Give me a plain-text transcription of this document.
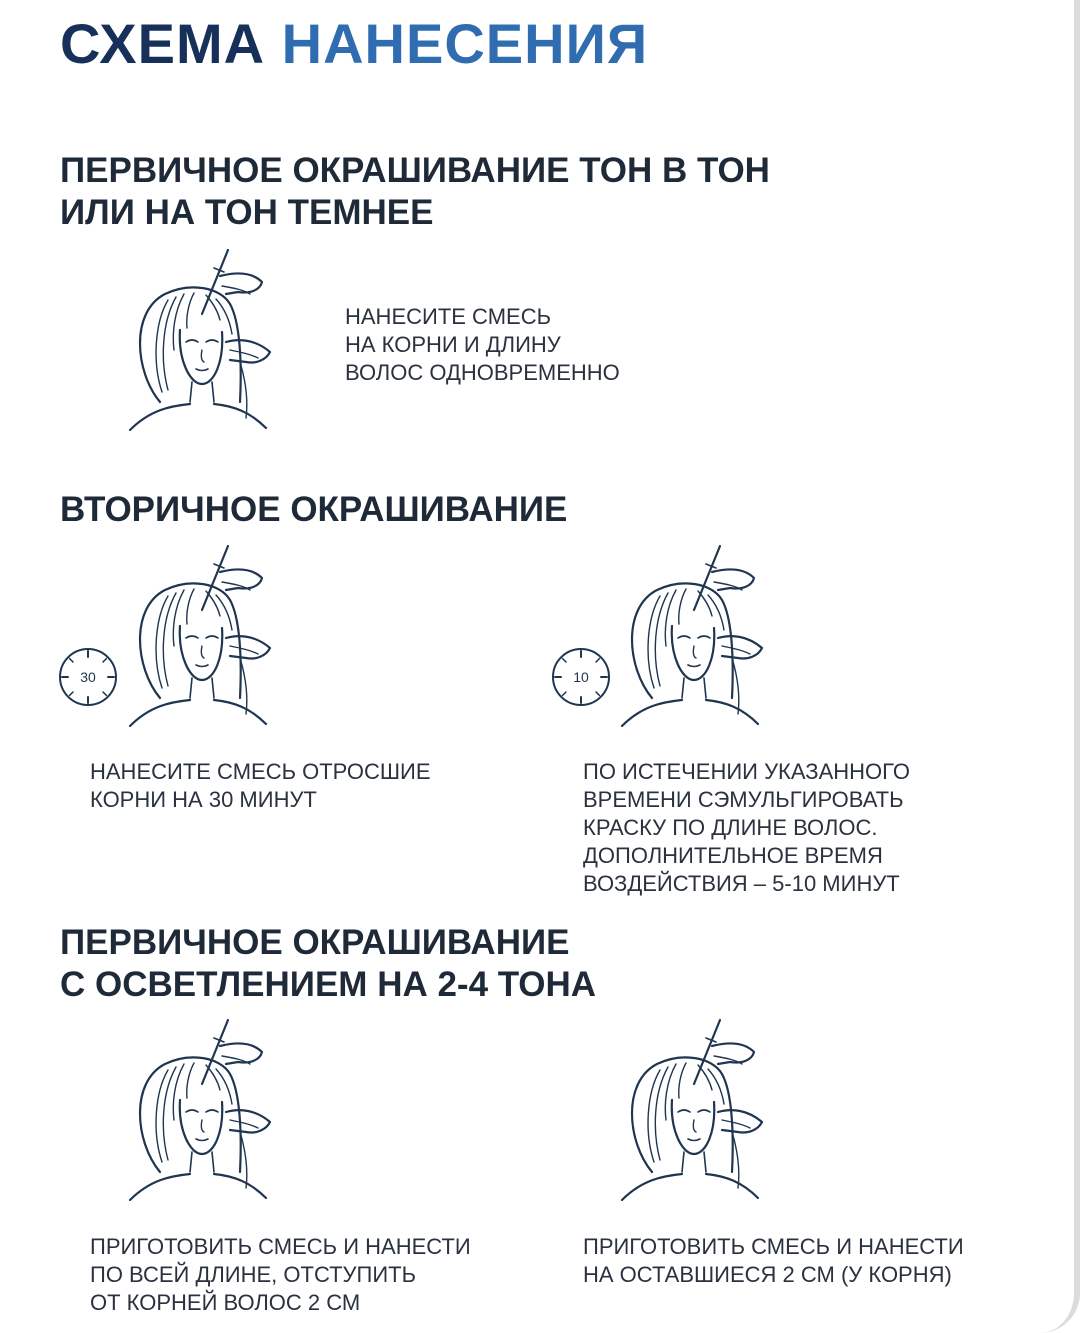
СХЕМА НАНЕСЕНИЯ
ПЕРВИЧНОЕ ОКРАШИВАНИЕ ТОН В ТОН
ИЛИ НА ТОН ТЕМНЕЕ

НАНЕСИТЕ СМЕСЬ

НА КОРНИ И ДЛИНУ

ВОЛОС ОДНОВРЕМЕННО

ВТОРИЧНОЕ ОКРАШИВАНИЕ
30	10

НАНЕСИТЕ СМЕСЬ ОТРОСШИЕ

КОРНИ НА 30 МИНУТ

ПО ИСТЕЧЕНИИ УКАЗАННОГО

ВРЕМЕНИ СЭМУЛЬГИРОВАТЬ

КРАСКУ ПО ДЛИНЕ ВОЛОС.

ДОПОЛНИТЕЛЬНОЕ ВРЕМЯ

ВОЗДЕЙСТВИЯ – 5-10 МИНУТ

ПЕРВИЧНОЕ ОКРАШИВАНИЕ
С ОСВЕТЛЕНИЕМ НА 2-4 ТОНА

ПРИГОТОВИТЬ СМЕСЬ И НАНЕСТИ

ПО ВСЕЙ ДЛИНЕ, ОТСТУПИТЬ

ОТ КОРНЕЙ ВОЛОС 2 СМ

ПРИГОТОВИТЬ СМЕСЬ И НАНЕСТИ

НА ОСТАВШИЕСЯ 2 СМ (У КОРНЯ)
